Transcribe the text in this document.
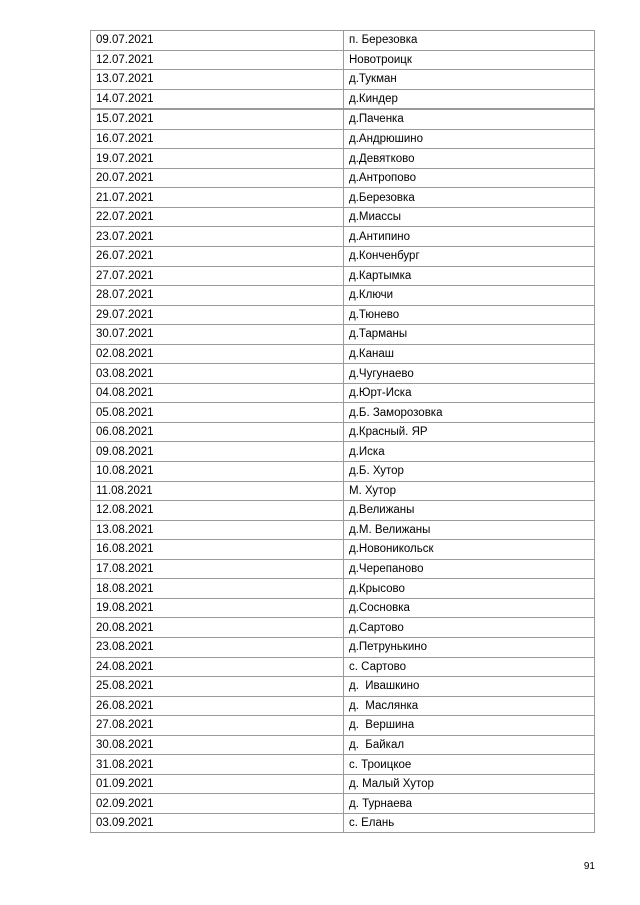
09.07.2021	п. Березовка
12.07.2021	Новотроицк
13.07.2021	д.Тукман
14.07.2021	д.Киндер
15.07.2021	д.Паченка
16.07.2021	д.Андрюшино
19.07.2021	д.Девятково
20.07.2021	д.Антропово
21.07.2021	д.Березовка
22.07.2021	д.Миассы
23.07.2021	д.Антипино
26.07.2021	д.Конченбург
27.07.2021	д.Картымка
28.07.2021	д.Ключи
29.07.2021	д.Тюнево
30.07.2021	д.Тарманы
02.08.2021	д.Канаш
03.08.2021	д.Чугунаево
04.08.2021	д.Юрт-Иска
05.08.2021	д.Б. Заморозовка
06.08.2021	д.Красный. ЯР
09.08.2021	д.Иска
10.08.2021	д.Б. Хутор
11.08.2021	М. Хутор
12.08.2021	д.Велижаны
13.08.2021	д.М. Велижаны
16.08.2021	д.Новоникольск
17.08.2021	д.Черепаново
18.08.2021	д.Крысово
19.08.2021	д.Сосновка
20.08.2021	д.Сартово
23.08.2021	д.Петрунькино
24.08.2021	с. Сартово
25.08.2021	д.  Ивашкино
26.08.2021	д.  Маслянка
27.08.2021	д.  Вершина
30.08.2021	д.  Байкал
31.08.2021	с. Троицкое
01.09.2021	д. Малый Хутор
02.09.2021	д. Турнаева
03.09.2021	с. Елань
91
